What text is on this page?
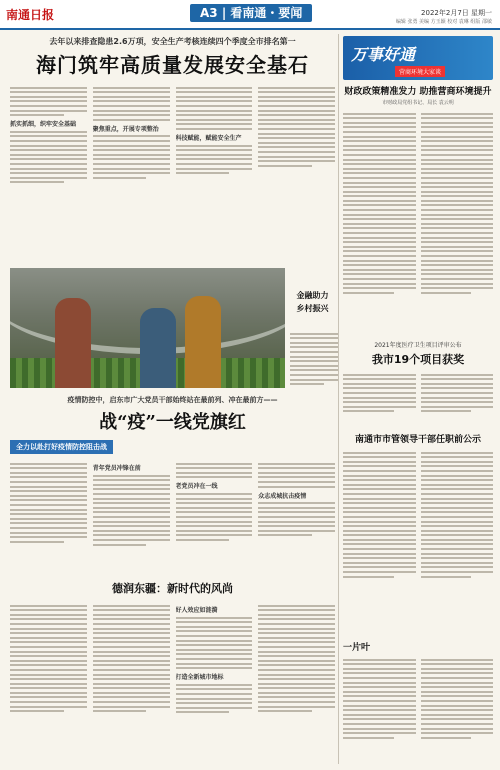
南通日报	A3 | 看南通・要闻	2022年2月7日 星期一
编辑 张勇 美编 方玉颖 校对 袁琳 组版 邵敏
去年以来排查隐患2.6万项，安全生产考核连续四个季度全市排名第一
海门筑牢高质量发展安全基石
抓实抓细，织牢安全基础
聚焦重点，开展专项整治
科技赋能，赋能安全生产
万事好通
营商环境大家谈
财政政策精准发力 助推营商环境提升
市财政局党组书记、局长 袁云明
金融助力
乡村振兴
2021年度医疗卫生项目评审公布
我市19个项目获奖
南通市市管领导干部任职前公示
疫情防控中，启东市广大党员干部始终站在最前列、冲在最前方——
战“疫”一线党旗红
全力以赴打好疫情防控阻击战
青年党员冲锋在前
老党员冲在一线
众志成城抗击疫情
德润东疆：新时代的风尚
好人效应如涟漪
打造全新城市地标
一片叶
